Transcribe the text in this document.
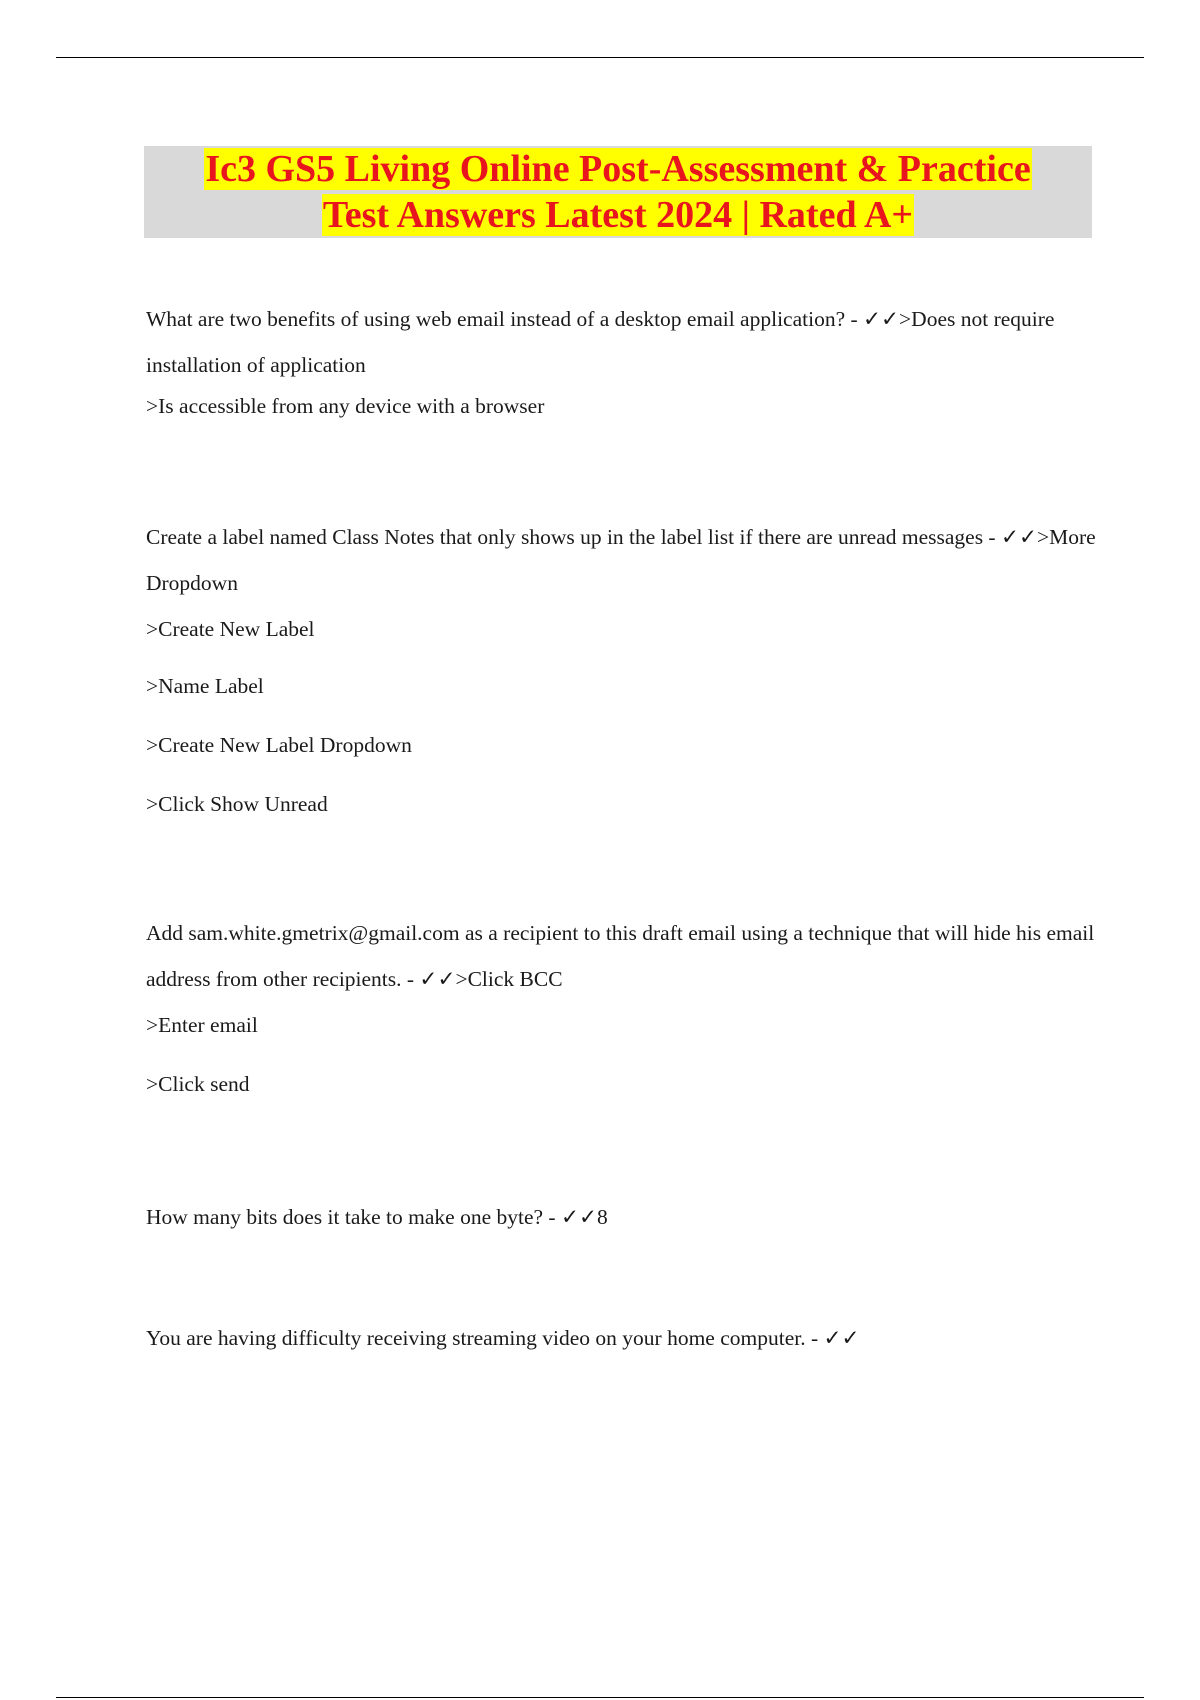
Ic3 GS5 Living Online Post-Assessment & Practice
Test Answers Latest 2024 | Rated A+

What are two benefits of using web email instead of a desktop email application? - ✓✓>Does not require installation of application

>Is accessible from any device with a browser

Create a label named Class Notes that only shows up in the label list if there are unread messages - ✓✓>More Dropdown

>Create New Label

>Name Label

>Create New Label Dropdown

>Click Show Unread

Add sam.white.gmetrix@gmail.com as a recipient to this draft email using a technique that will hide his email address from other recipients. - ✓✓>Click BCC

>Enter email

>Click send

How many bits does it take to make one byte? - ✓✓8

You are having difficulty receiving streaming video on your home computer. - ✓✓
